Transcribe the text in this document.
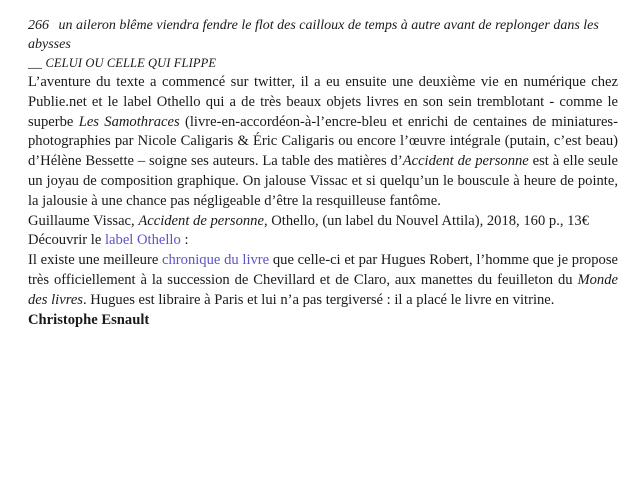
266 un aileron blême viendra fendre le flot des cailloux de temps à autre avant de replonger dans les abysses
__ CELUI OU CELLE QUI FLIPPE

L’aventure du texte a commencé sur twitter, il a eu ensuite une deuxième vie en numérique chez Publie.net et le label Othello qui a de très beaux objets livres en son sein tremblotant - comme le superbe Les Samothraces (livre-en-accordéon-à-l’encre-bleu et enrichi de centaines de miniatures-photographies par Nicole Caligaris & Éric Caligaris ou encore l’œuvre intégrale (putain, c’est beau) d’Hélène Bessette – soigne ses auteurs. La table des matières d’Accident de personne est à elle seule un joyau de composition graphique. On jalouse Vissac et si quelqu’un le bouscule à heure de pointe, la jalousie à une chance pas négligeable d’être la resquilleuse fantôme.

Guillaume Vissac, Accident de personne, Othello, (un label du Nouvel Attila), 2018, 160 p., 13€

Découvrir le label Othello :

Il existe une meilleure chronique du livre que celle-ci et par Hugues Robert, l’homme que je propose très officiellement à la succession de Chevillard et de Claro, aux manettes du feuilleton du Monde des livres. Hugues est libraire à Paris et lui n’a pas tergiversé : il a placé le livre en vitrine.

Christophe Esnault
